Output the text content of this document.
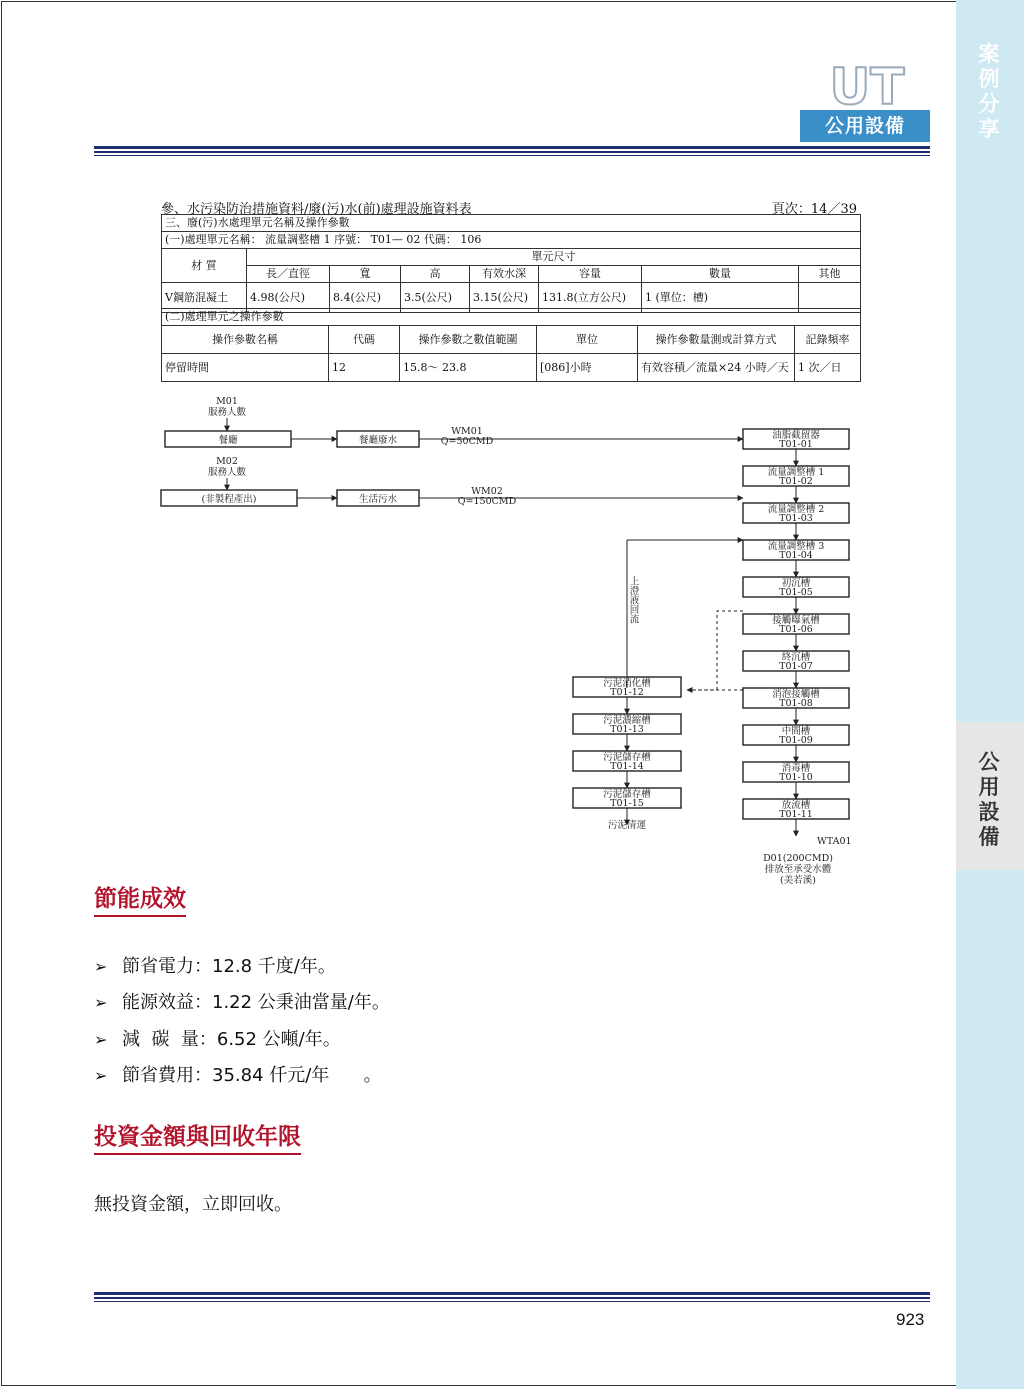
案例分享
公用設備
UT
公用設備
參、水污染防治措施資料/廢(污)水(前)處理設施資料表	頁次：14／39
三、廢(污)水處理單元名稱及操作參數							
(一)處理單元名稱： 流量調整槽 1 序號： T01— 02 代碼： 106							
材 質	單元尺寸						
	長／直徑	寬	高	有效水深	容量	數量	其他
V鋼筋混凝土	4.98(公尺)	8.4(公尺)	3.5(公尺)	3.15(公尺)	131.8(立方公尺)	1 (單位：槽)	
(二)處理單元之操作參數					
操作參數名稱	代碼	操作參數之數值範圍	單位	操作參數量測或計算方式	記錄頻率
停留時間	12	15.8～ 23.8	[086]小時	有效容積／流量×24 小時／天	1 次／日
M01
服務人數
餐廳	餐廳廢水
WM01
Q=50CMD
M02
服務人數
(非製程產出)	生活污水
WM02
Q=150CMD
油脂截留器
T01-01
流量調整槽 1
T01-02
流量調整槽 2
T01-03
流量調整槽 3
T01-04
初沉槽
T01-05
接觸曝氣槽
T01-06
終沉槽
T01-07
消泡接觸槽
T01-08
中間槽
T01-09
消毒槽
T01-10
放流槽
T01-11
污泥消化槽
T01-12
污泥濃縮槽
T01-13
污泥儲存槽
T01-14
污泥儲存槽
T01-15
上澄液回流
污泥清運
WTA01
D01(200CMD)
排放至承受水體
(美若溪)
節能成效
➢ 節省電力：12.8 千度/年。
➢ 能源效益：1.22 公秉油當量/年。
➢ 減  碳  量：6.52 公噸/年。
➢ 節省費用：35.84 仟元/年      。
投資金額與回收年限
無投資金額，立即回收。
923
